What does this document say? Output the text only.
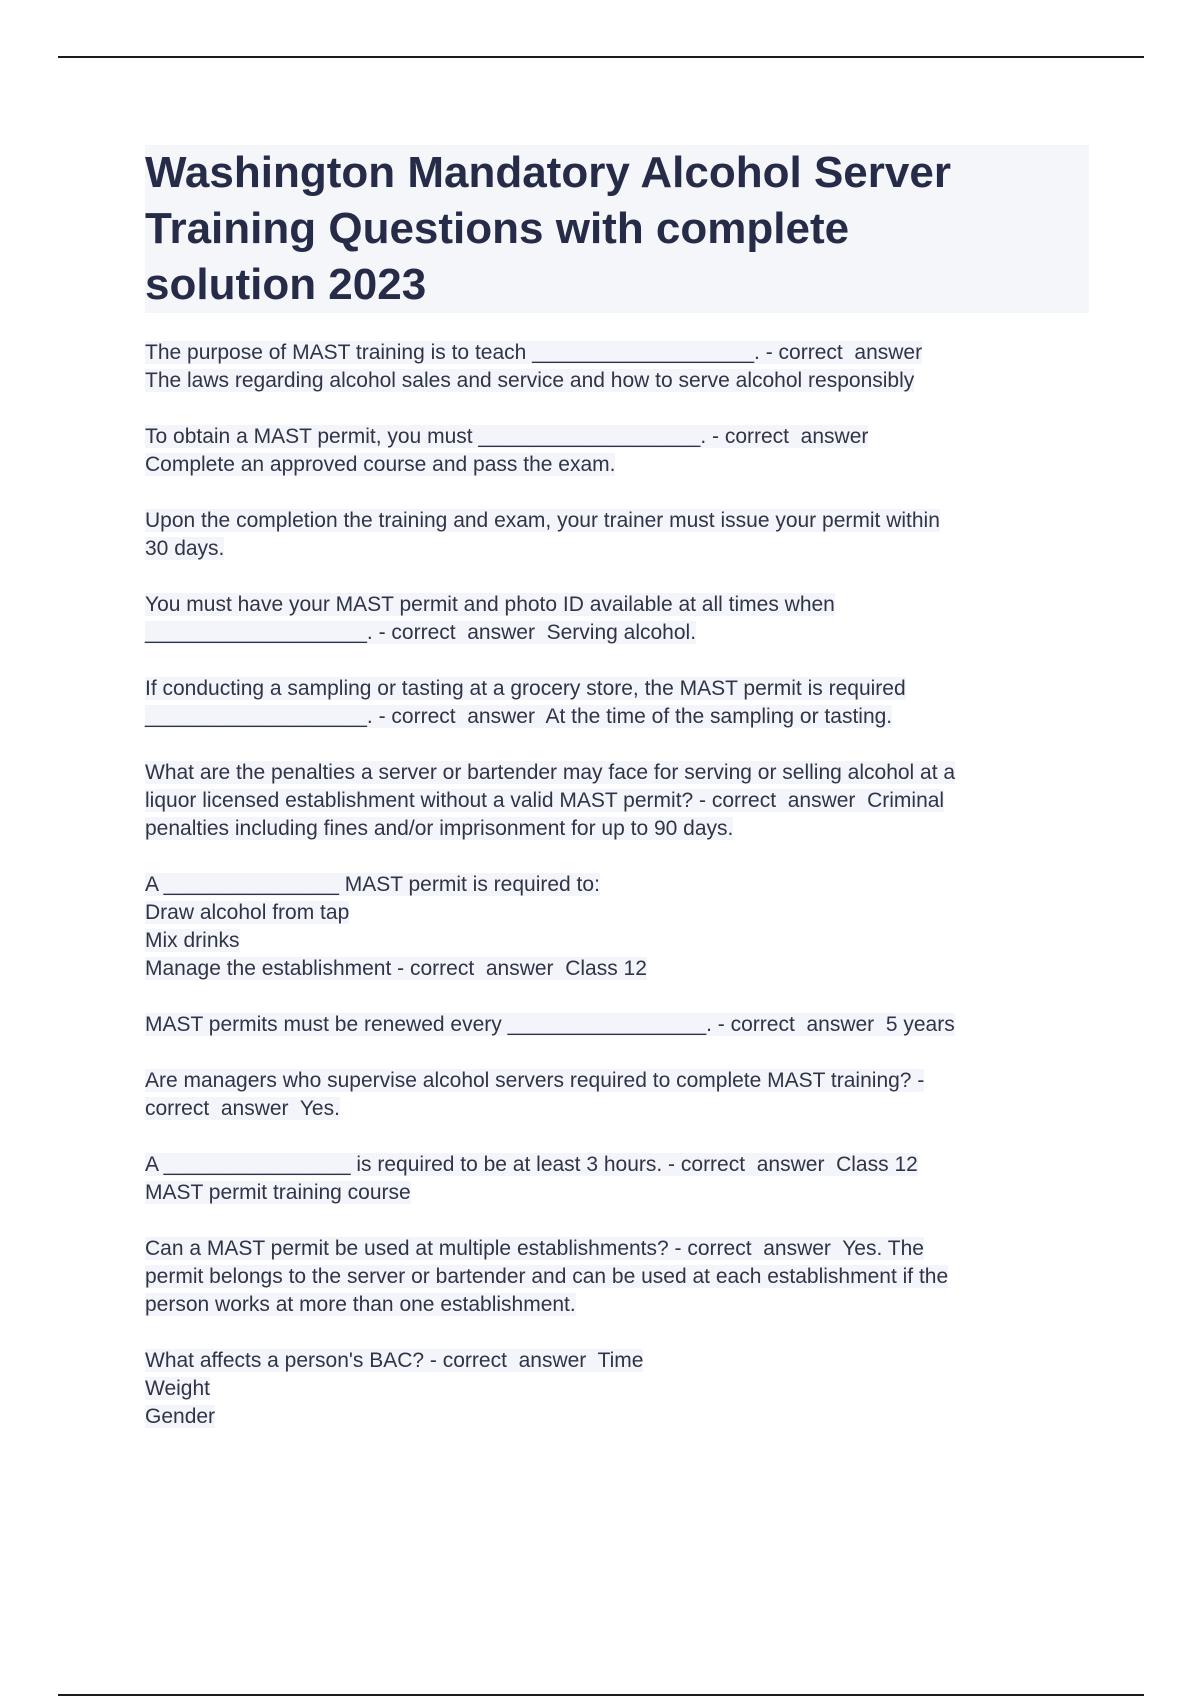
Washington Mandatory Alcohol Server
Training Questions with complete
solution 2023
The purpose of MAST training is to teach ___________________. - correct  answer
The laws regarding alcohol sales and service and how to serve alcohol responsibly
To obtain a MAST permit, you must ___________________. - correct  answer
Complete an approved course and pass the exam.
Upon the completion the training and exam, your trainer must issue your permit within
30 days.
You must have your MAST permit and photo ID available at all times when
___________________. - correct  answer  Serving alcohol.
If conducting a sampling or tasting at a grocery store, the MAST permit is required
___________________. - correct  answer  At the time of the sampling or tasting.
What are the penalties a server or bartender may face for serving or selling alcohol at a
liquor licensed establishment without a valid MAST permit? - correct  answer  Criminal
penalties including fines and/or imprisonment for up to 90 days.
A _______________ MAST permit is required to:
Draw alcohol from tap
Mix drinks
Manage the establishment - correct  answer  Class 12
MAST permits must be renewed every _________________. - correct  answer  5 years
Are managers who supervise alcohol servers required to complete MAST training? -
correct  answer  Yes.
A ________________ is required to be at least 3 hours. - correct  answer  Class 12
MAST permit training course
Can a MAST permit be used at multiple establishments? - correct  answer  Yes. The
permit belongs to the server or bartender and can be used at each establishment if the
person works at more than one establishment.
What affects a person's BAC? - correct  answer  Time
Weight
Gender
